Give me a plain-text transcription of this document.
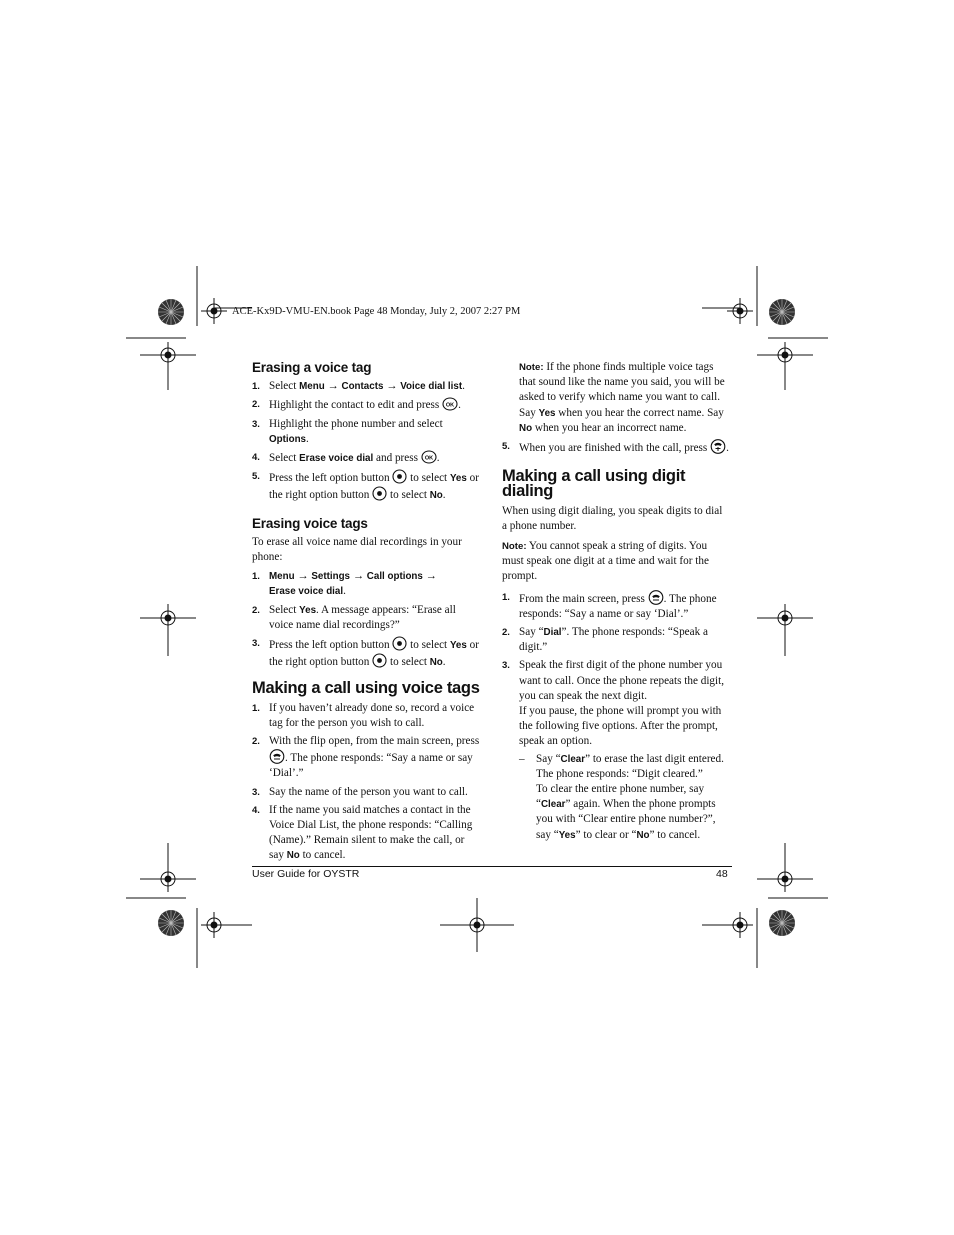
ACE-Kx9D-VMU-EN.book Page 48 Monday, July 2, 2007 2:27 PM
Erasing a voice tag
1. Select Menu → Contacts → Voice dial list.
2. Highlight the contact to edit and press OK .
3. Highlight the phone number and select Options.
4. Select Erase voice dial and press OK .
5. Press the left option button  to select Yes or the right option button  to select No.
Erasing voice tags

To erase all voice name dial recordings in your phone:

1. Menu → Settings → Call options →
Erase voice dial.
2. Select Yes. A message appears: “Erase all voice name dial recordings?”
3. Press the left option button  to select Yes or the right option button  to select No.
Making a call using voice tags
1. If you haven’t already done so, record a voice tag for the person you wish to call.
2. With the flip open, from the main screen, press . The phone responds: “Say a name or say ‘Dial’.”
3. Say the name of the person you want to call.
4. If the name you said matches a contact in the Voice Dial List, the phone responds: “Calling (Name).” Remain silent to make the call, or say No to cancel.

Note: If the phone finds multiple voice tags that sound like the name you said, you will be asked to verify which name you want to call. Say Yes when you hear the correct name. Say No when you hear an incorrect name.

5. When you are finished with the call, press .
Making a call using digit dialing

When using digit dialing, you speak digits to dial a phone number.

Note: You cannot speak a string of digits. You must speak one digit at a time and wait for the prompt.

1. From the main screen, press . The phone responds: “Say a name or say ‘Dial’.”
2. Say “Dial”. The phone responds: “Speak a digit.”
3. Speak the first digit of the phone number you want to call. Once the phone repeats the digit, you can speak the next digit.
If you pause, the phone will prompt you with the following five options. After the prompt, speak an option.
– Say “Clear” to erase the last digit entered. The phone responds: “Digit cleared.”
To clear the entire phone number, say “Clear” again. When the phone prompts you with “Clear entire phone number?”, say “Yes” to clear or “No” to cancel.
User Guide for OYSTR	48
